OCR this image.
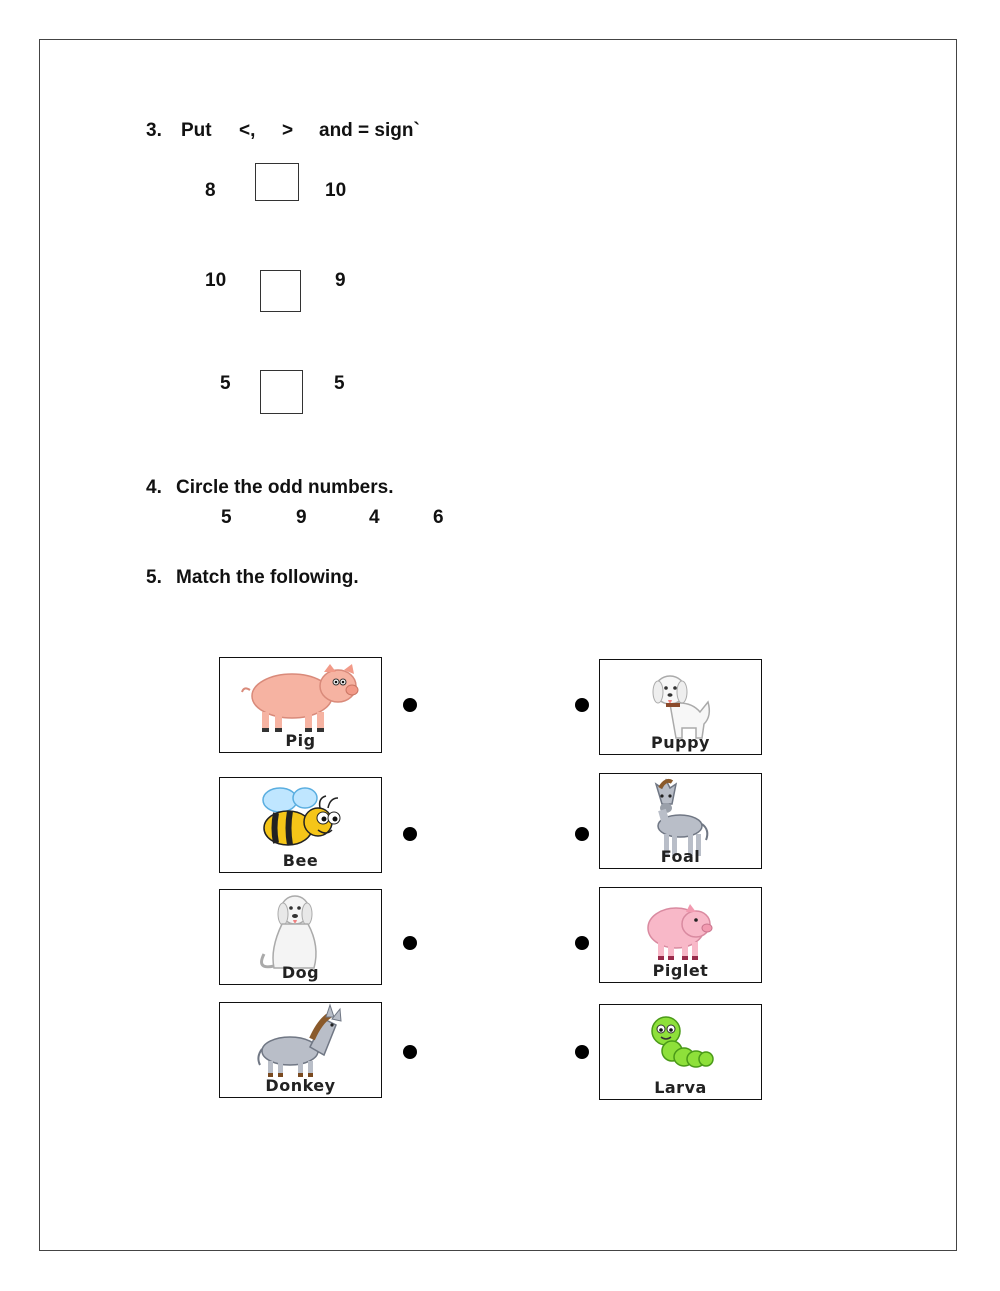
3. Put <, > and = sign`
8	10
10	9
5	5
4. Circle the odd numbers.
5	9	4	6
5. Match the following.
Pig
Bee
Dog
Donkey
Puppy
Foal
Piglet
Larva
